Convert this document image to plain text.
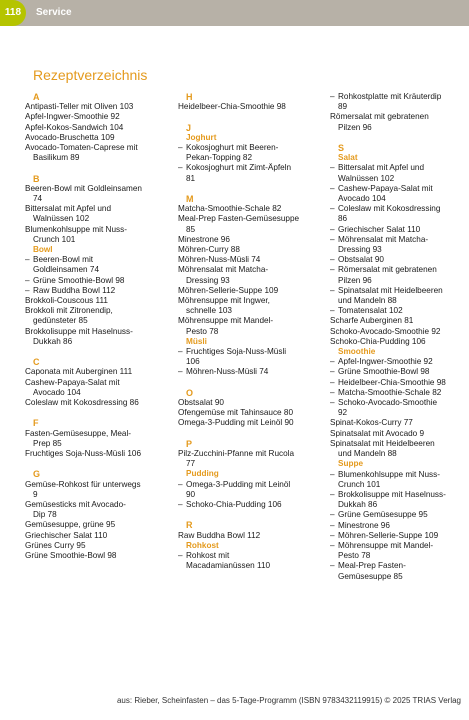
118	Service
Rezeptverzeichnis
A
Antipasti-Teller mit Oliven 103
Apfel-Ingwer-Smoothie 92
Apfel-Kokos-Sandwich 104
Avocado-Bruschetta 109
Avocado-Tomaten-Caprese mit
Basilikum 89
B
Beeren-Bowl mit Goldleinsamen
74
Bittersalat mit Apfel und
Walnüssen 102
Blumenkohlsuppe mit Nuss-
Crunch 101
Bowl
– Beeren-Bowl mit
Goldleinsamen 74
– Grüne Smoothie-Bowl 98
– Raw Buddha Bowl 112
Brokkoli-Couscous 111
Brokkoli mit Zitronendip,
gedünsteter 85
Brokkolisuppe mit Haselnuss-
Dukkah 86
C
Caponata mit Auberginen 111
Cashew-Papaya-Salat mit
Avocado 104
Coleslaw mit Kokosdressing 86
F
Fasten-Gemüsesuppe, Meal-
Prep 85
Fruchtiges Soja-Nuss-Müsli 106
G
Gemüse-Rohkost für unterwegs
9
Gemüsesticks mit Avocado-
Dip 78
Gemüsesuppe, grüne 95
Griechischer Salat 110
Grünes Curry 95
Grüne Smoothie-Bowl 98
H
Heidelbeer-Chia-Smoothie 98
J
Joghurt
– Kokosjoghurt mit Beeren-
Pekan-Topping 82
– Kokosjoghurt mit Zimt-Äpfeln
81
M
Matcha-Smoothie-Schale 82
Meal-Prep Fasten-Gemüsesuppe
85
Minestrone 96
Möhren-Curry 88
Möhren-Nuss-Müsli 74
Möhrensalat mit Matcha-
Dressing 93
Möhren-Sellerie-Suppe 109
Möhrensuppe mit Ingwer,
schnelle 103
Möhrensuppe mit Mandel-
Pesto 78
Müsli
– Fruchtiges Soja-Nuss-Müsli
106
– Möhren-Nuss-Müsli 74
O
Obstsalat 90
Ofengemüse mit Tahinsauce 80
Omega-3-Pudding mit Leinöl 90
P
Pilz-Zucchini-Pfanne mit Rucola
77
Pudding
– Omega-3-Pudding mit Leinöl
90
– Schoko-Chia-Pudding 106
R
Raw Buddha Bowl 112
Rohkost
– Rohkost mit
Macadamianüssen 110
– Rohkostplatte mit Kräuterdip
89
Römersalat mit gebratenen
Pilzen 96
S
Salat
– Bittersalat mit Apfel und
Walnüssen 102
– Cashew-Papaya-Salat mit
Avocado 104
– Coleslaw mit Kokosdressing
86
– Griechischer Salat 110
– Möhrensalat mit Matcha-
Dressing 93
– Obstsalat 90
– Römersalat mit gebratenen
Pilzen 96
– Spinatsalat mit Heidelbeeren
und Mandeln 88
– Tomatensalat 102
Scharfe Auberginen 81
Schoko-Avocado-Smoothie 92
Schoko-Chia-Pudding 106
Smoothie
– Apfel-Ingwer-Smoothie 92
– Grüne Smoothie-Bowl 98
– Heidelbeer-Chia-Smoothie 98
– Matcha-Smoothie-Schale 82
– Schoko-Avocado-Smoothie
92
Spinat-Kokos-Curry 77
Spinatsalat mit Avocado 9
Spinatsalat mit Heidelbeeren
und Mandeln 88
Suppe
– Blumenkohlsuppe mit Nuss-
Crunch 101
– Brokkolisuppe mit Haselnuss-
Dukkah 86
– Grüne Gemüsesuppe 95
– Minestrone 96
– Möhren-Sellerie-Suppe 109
– Möhrensuppe mit Mandel-
Pesto 78
– Meal-Prep Fasten-
Gemüsesuppe 85
aus: Rieber, Scheinfasten – das 5-Tage-Programm (ISBN 9783432119915) © 2025 TRIAS Verlag
